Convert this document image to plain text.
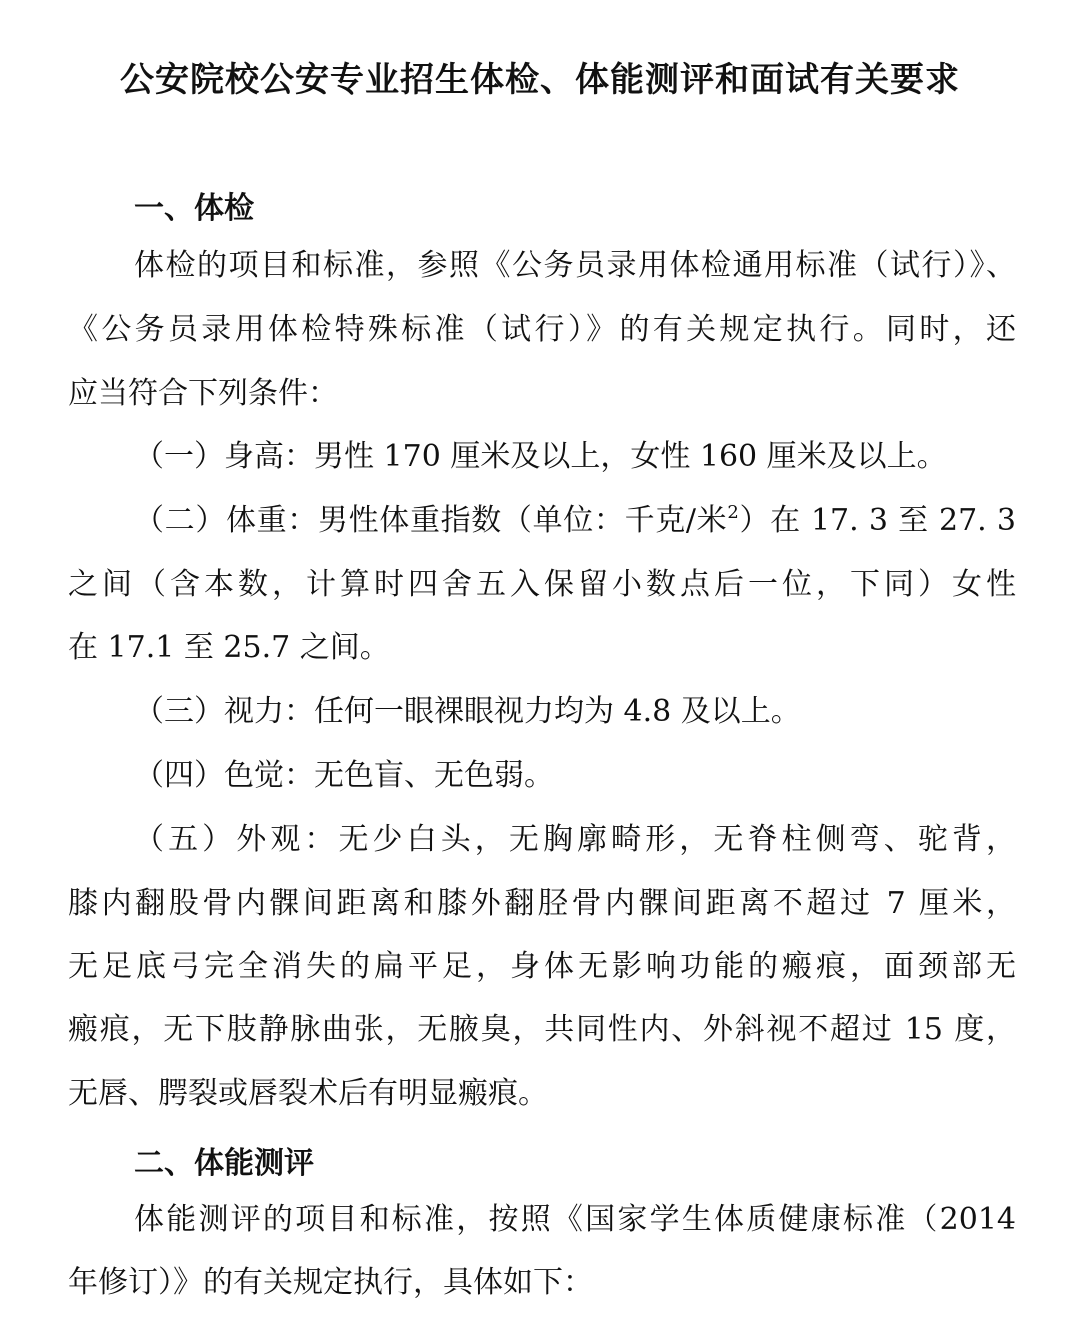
公安院校公安专业招生体检、体能测评和面试有关要求
一、体检
体检的项目和标准，参照《公务员录用体检通用标准（试行）》、
《公务员录用体检特殊标准（试行）》的有关规定执行。同时，还
应当符合下列条件：
（一）身高：男性 170 厘米及以上，女性 160 厘米及以上。
（二）体重：男性体重指数（单位：千克/米$^2$）在 17. 3 至 27. 3
之间（含本数，计算时四舍五入保留小数点后一位，下同）女性
在 17.1 至 25.7 之间。
（三）视力：任何一眼裸眼视力均为 4.8 及以上。
（四）色觉：无色盲、无色弱。
（五）外观：无少白头，无胸廓畸形，无脊柱侧弯、驼背，
膝内翻股骨内髁间距离和膝外翻胫骨内髁间距离不超过 7 厘米，
无足底弓完全消失的扁平足，身体无影响功能的瘢痕，面颈部无
瘢痕，无下肢静脉曲张，无腋臭，共同性内、外斜视不超过 15 度，
无唇、腭裂或唇裂术后有明显瘢痕。
二、体能测评
体能测评的项目和标准，按照《国家学生体质健康标准（2014
年修订）》的有关规定执行，具体如下：
